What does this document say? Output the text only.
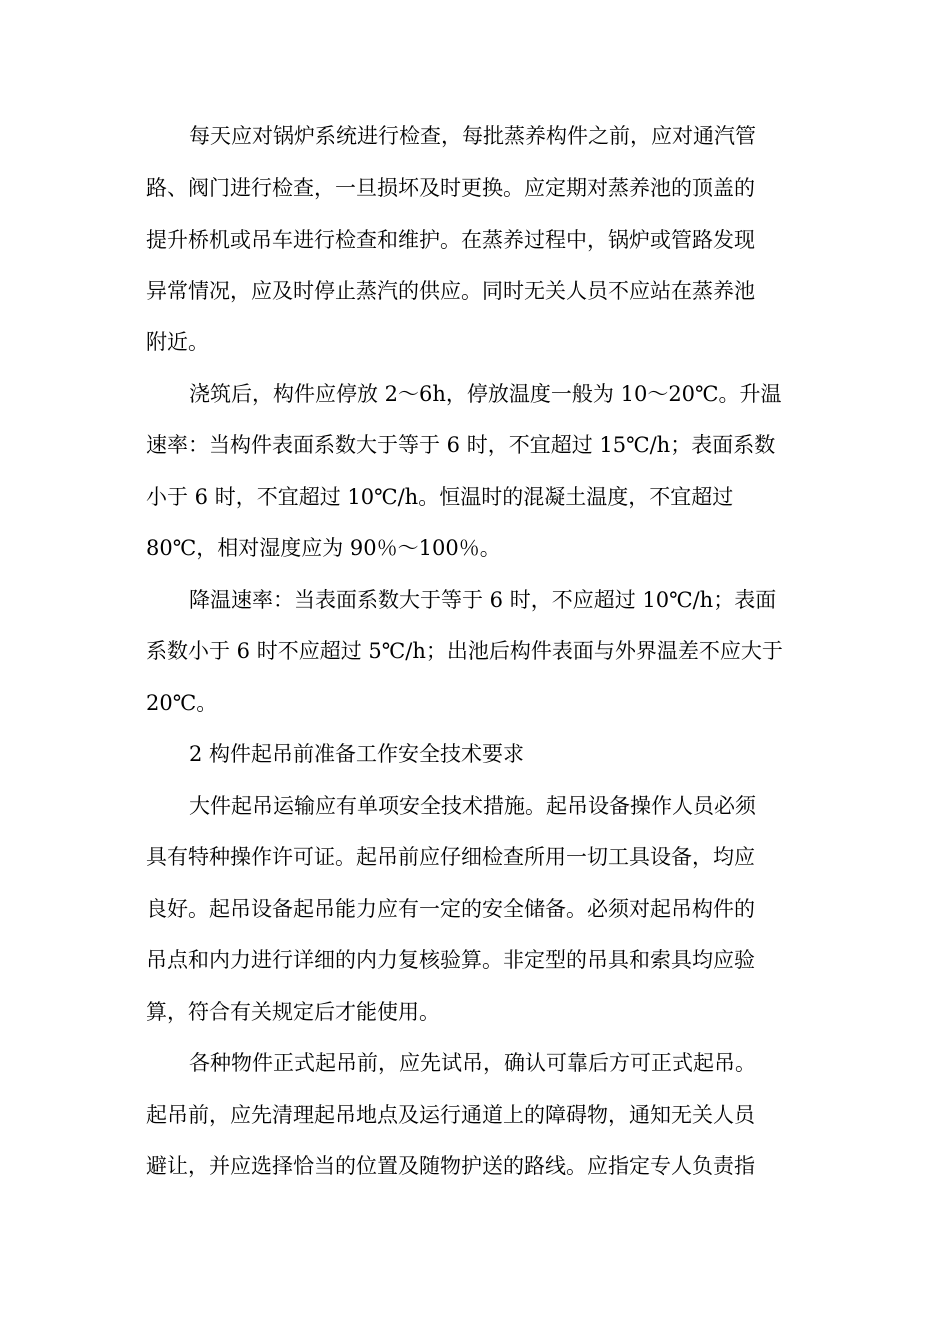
每天应对锅炉系统进行检查，每批蒸养构件之前，应对通汽管
路、阀门进行检查，一旦损坏及时更换。应定期对蒸养池的顶盖的
提升桥机或吊车进行检查和维护。在蒸养过程中，锅炉或管路发现
异常情况，应及时停止蒸汽的供应。同时无关人员不应站在蒸养池
附近。
浇筑后，构件应停放 2～6h，停放温度一般为 10～20℃。升温
速率：当构件表面系数大于等于 6 时，不宜超过 15℃/h；表面系数
小于 6 时，不宜超过 10℃/h。恒温时的混凝土温度，不宜超过
80℃，相对湿度应为 90％～100％。
降温速率：当表面系数大于等于 6 时，不应超过 10℃/h；表面
系数小于 6 时不应超过 5℃/h；出池后构件表面与外界温差不应大于
20℃。
2 构件起吊前准备工作安全技术要求
大件起吊运输应有单项安全技术措施。起吊设备操作人员必须
具有特种操作许可证。起吊前应仔细检查所用一切工具设备，均应
良好。起吊设备起吊能力应有一定的安全储备。必须对起吊构件的
吊点和内力进行详细的内力复核验算。非定型的吊具和索具均应验
算，符合有关规定后才能使用。
各种物件正式起吊前，应先试吊，确认可靠后方可正式起吊。
起吊前，应先清理起吊地点及运行通道上的障碍物，通知无关人员
避让，并应选择恰当的位置及随物护送的路线。应指定专人负责指
